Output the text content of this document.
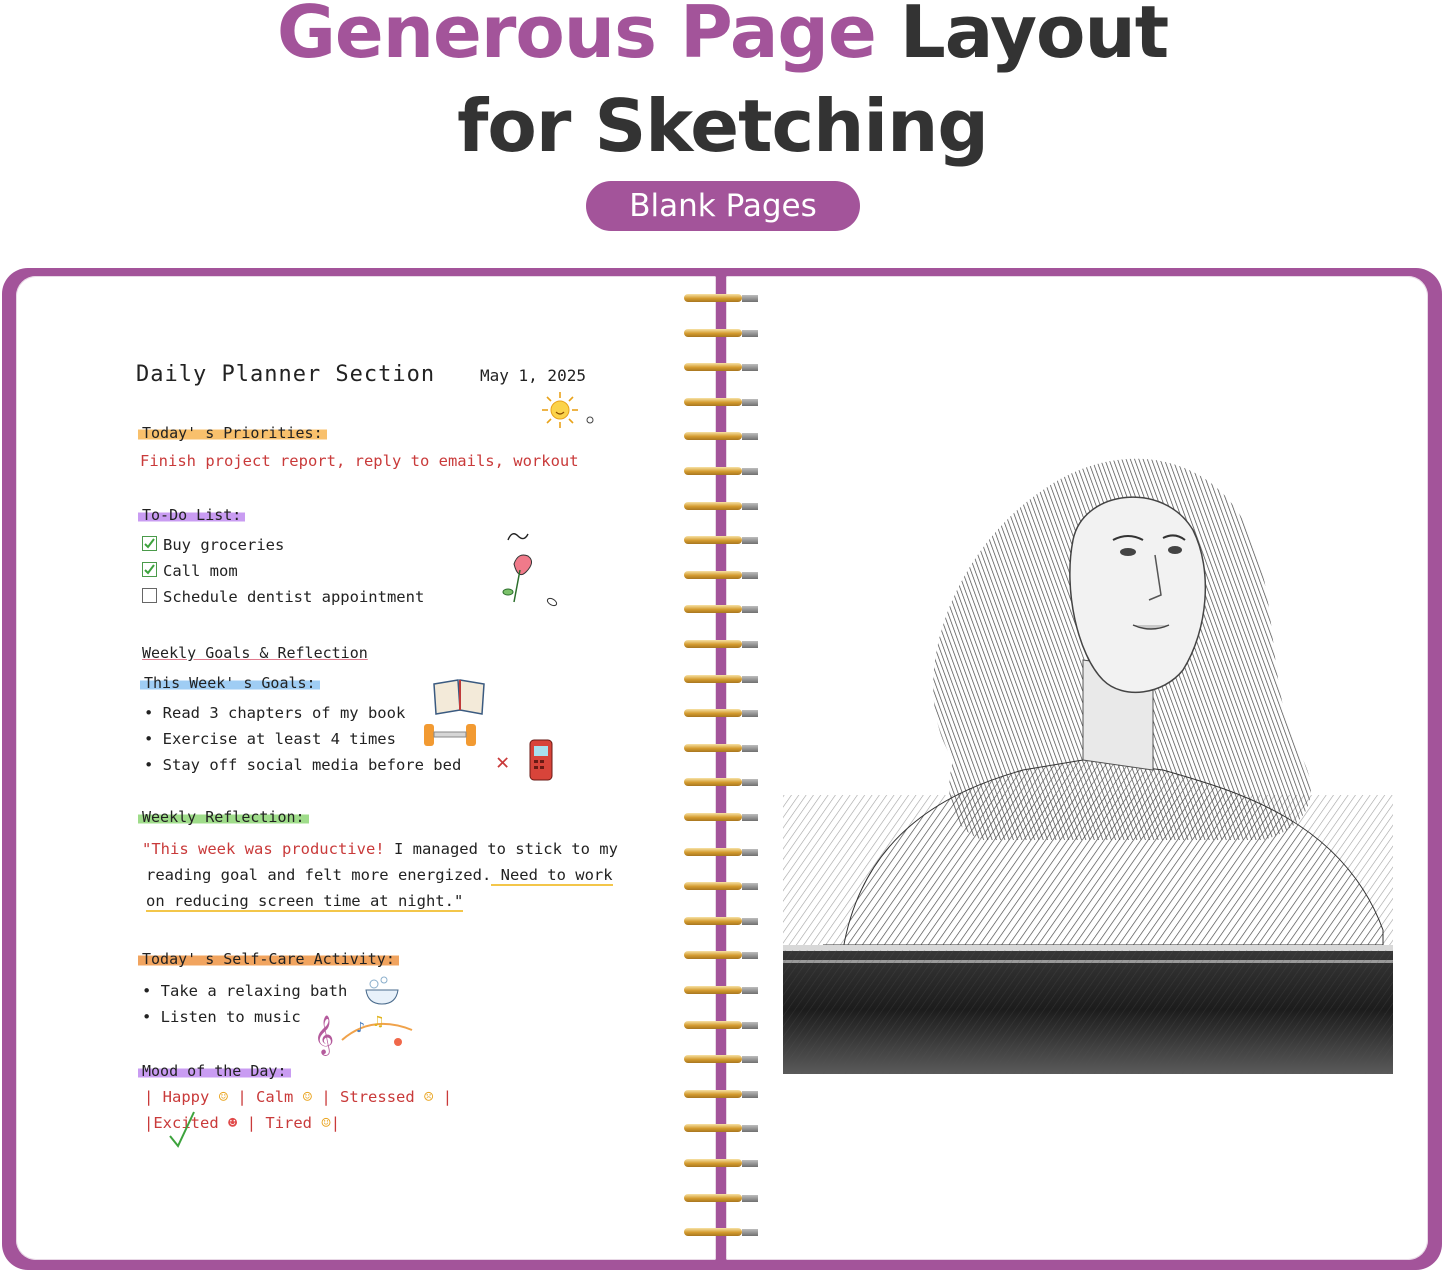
Generous Page Layout
for Sketching
Blank Pages
Daily Planner Section	May 1, 2025
Today' s Priorities:
Finish project report, reply to emails, workout
To-Do List:
Buy groceries
Call mom
Schedule dentist appointment
Weekly Goals & Reflection
This Week' s Goals:
• Read 3 chapters of my book
• Exercise at least 4 times
• Stay off social media before bed ✕
Weekly Reflection:
"This week was productive! I managed to stick to my
reading goal and felt more energized. Need to work
on reducing screen time at night."
Today' s Self-Care Activity:
• Take a relaxing bath
• Listen to music 𝄞 ♪ ♫
Mood of the Day:
| Happy ☺ | Calm ☺ | Stressed ☹ |
|Excited ☻ | Tired ☺|
